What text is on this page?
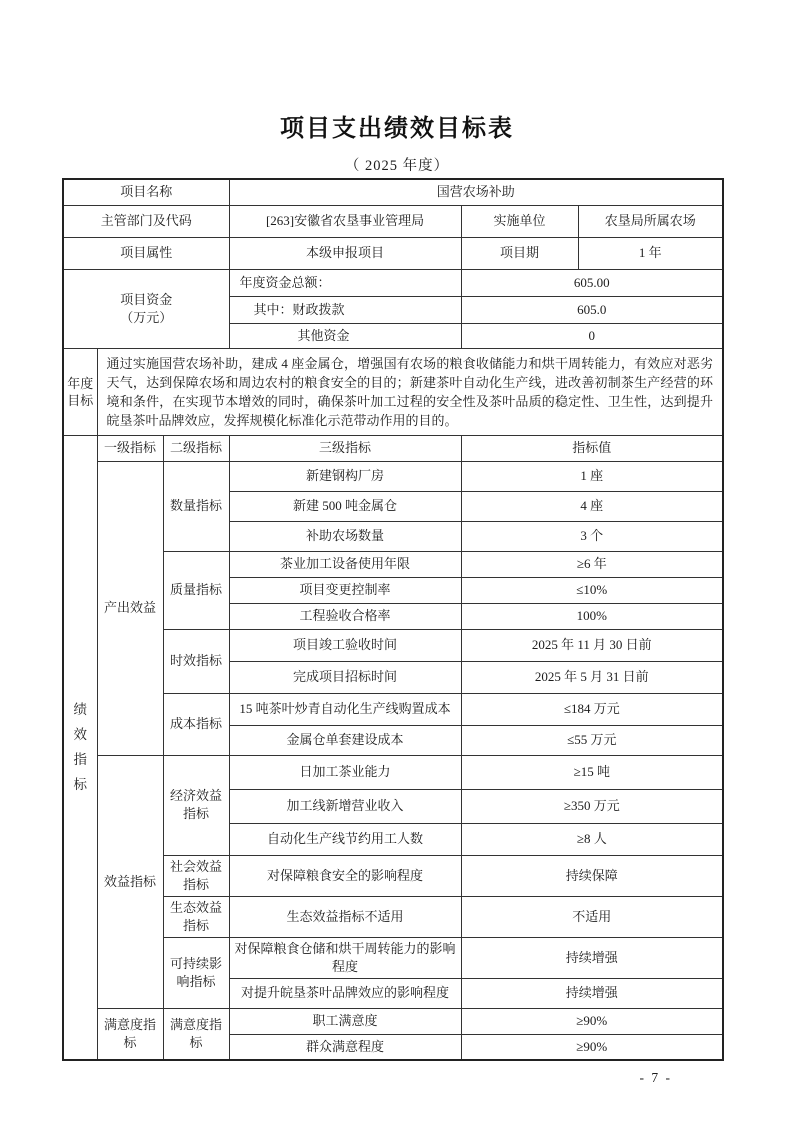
项目支出绩效目标表
（ 2025 年度）
项目名称			国营农场补助		
主管部门及代码			[263]安徽省农垦事业管理局	实施单位	农垦局所属农场
项目属性			本级申报项目	项目期	1 年

项目资金
（万元）			年度资金总额：	605.00	
			其中：财政拨款	605.0	
			其他资金	0	
年度目标	通过实施国营农场补助，建成 4 座金属仓，增强国有农场的粮食收储能力和烘干周转能力，有效应对恶劣天气，达到保障农场和周边农村的粮食安全的目的；新建茶叶自动化生产线，进改善初制茶生产经营的环境和条件，在实现节本增效的同时，确保茶叶加工过程的安全性及茶叶品质的稳定性、卫生性，达到提升皖垦茶叶品牌效应，发挥规模化标准化示范带动作用的目的。				

绩效指标	一级指标	二级指标	三级指标	指标值	
	产出效益	数量指标	新建钢构厂房	1 座	
			新建 500 吨金属仓	4 座	
			补助农场数量	3 个	
		质量指标	茶业加工设备使用年限	≥6 年	
			项目变更控制率	≤10%	
			工程验收合格率	100%	
		时效指标	项目竣工验收时间	2025 年 11 月 30 日前	
			完成项目招标时间	2025 年 5 月 31 日前	
		成本指标	15 吨茶叶炒青自动化生产线购置成本	≤184 万元	
			金属仓单套建设成本	≤55 万元	
	效益指标	经济效益指标	日加工茶业能力	≥15 吨	
			加工线新增营业收入	≥350 万元	
			自动化生产线节约用工人数	≥8 人	
		社会效益指标	对保障粮食安全的影响程度	持续保障	
		生态效益指标	生态效益指标不适用	不适用	
		可持续影响指标	对保障粮食仓储和烘干周转能力的影响程度	持续增强	
			对提升皖垦茶叶品牌效应的影响程度	持续增强	
	满意度指标	满意度指标	职工满意度	≥90%	
			群众满意程度	≥90%	
- 7 -
